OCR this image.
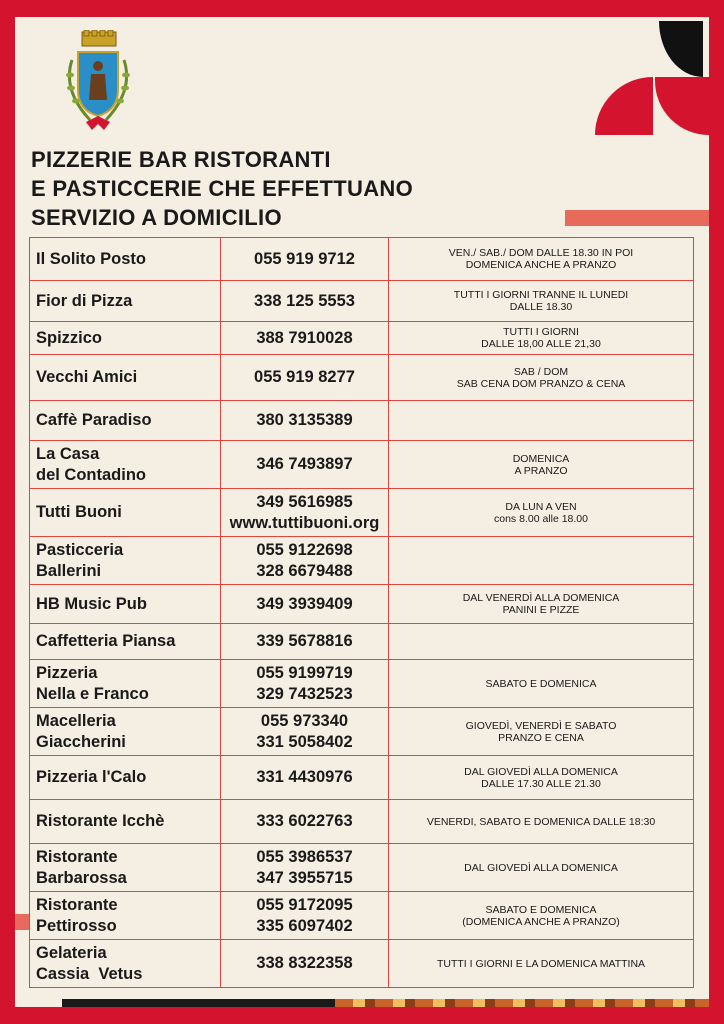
PIZZERIE BAR RISTORANTI
E PASTICCERIE CHE EFFETTUANO
SERVIZIO A DOMICILIO
Il Solito Posto	055 919 9712	VEN./ SAB./ DOM DALLE 18.30 IN POI
DOMENICA ANCHE A PRANZO

Fior di Pizza	338 125 5553	TUTTI I GIORNI TRANNE IL LUNEDI
DALLE 18.30

Spizzico	388 7910028	TUTTI I GIORNI
DALLE 18,00 ALLE 21,30

Vecchi Amici	055 919 8277	SAB / DOM
SAB CENA DOM PRANZO & CENA

Caffè Paradiso	380 3135389	

La Casa
del Contadino	346 7493897	DOMENICA
A PRANZO

Tutti Buoni	349 5616985
www.tuttibuoni.org	DA LUN A VEN
cons 8.00 alle 18.00

Pasticceria
Ballerini	055 9122698
328 6679488	

HB Music Pub	349 3939409	DAL VENERDÌ ALLA DOMENICA
PANINI E PIZZE

Caffetteria Piansa	339 5678816	

Pizzeria
Nella e Franco	055 9199719
329 7432523	SABATO E DOMENICA

Macelleria
Giaccherini	055 973340
331 5058402	GIOVEDÌ, VENERDÌ E SABATO
PRANZO E CENA

Pizzeria l'Calo	331 4430976	DAL GIOVEDÌ ALLA DOMENICA
DALLE 17.30 ALLE 21.30

Ristorante Icchè	333 6022763	VENERDI, SABATO E DOMENICA DALLE 18:30

Ristorante
Barbarossa	055 3986537
347 3955715	DAL GIOVEDÌ ALLA DOMENICA

Ristorante
Pettirosso	055 9172095
335 6097402	SABATO E DOMENICA
(DOMENICA ANCHE A PRANZO)

Gelateria
Cassia  Vetus	338 8322358	TUTTI I GIORNI E LA DOMENICA MATTINA
